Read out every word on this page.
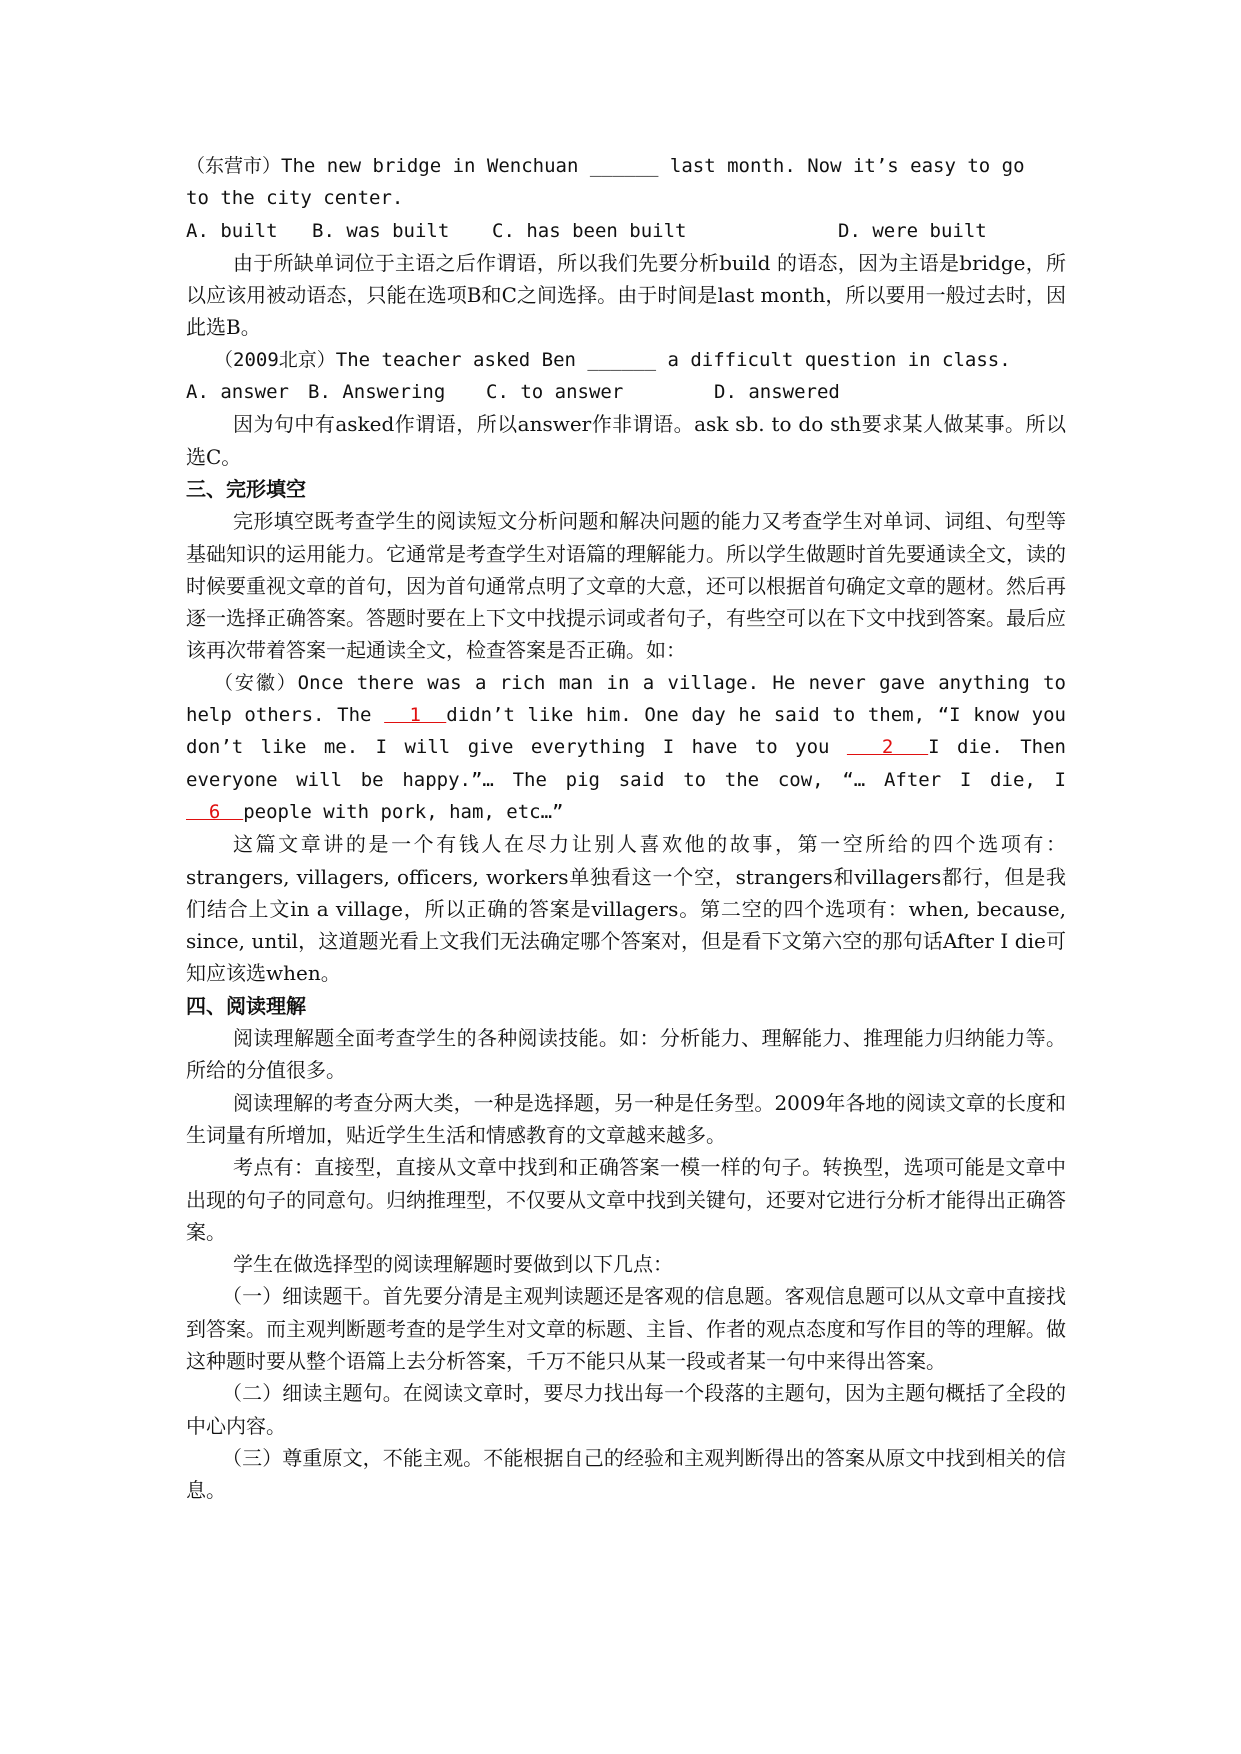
（东营市）The new bridge in Wenchuan ______ last month. Now it’s easy to go
to the city center.

A. built	B. was built	C. has been built	D. were built

由于所缺单词位于主语之后作谓语，所以我们先要分析build 的语态，因为主语是bridge，所以应该用被动语态，只能在选项B和C之间选择。由于时间是last month，所以要用一般过去时，因此选B。

（2009北京）The teacher asked Ben ______ a difficult question in class.

A. answer	B. Answering	C. to answer	D. answered

因为句中有asked作谓语，所以answer作非谓语。ask sb. to do sth要求某人做某事。所以选C。

三、完形填空

完形填空既考查学生的阅读短文分析问题和解决问题的能力又考查学生对单词、词组、句型等基础知识的运用能力。它通常是考查学生对语篇的理解能力。所以学生做题时首先要通读全文，读的时候要重视文章的首句，因为首句通常点明了文章的大意，还可以根据首句确定文章的题材。然后再逐一选择正确答案。答题时要在上下文中找提示词或者句子，有些空可以在下文中找到答案。最后应该再次带着答案一起通读全文，检查答案是否正确。如：

（安徽）Once there was a rich man in a village. He never gave anything to help others. The   1  didn’t like him. One day he said to them, “I know you don’t like me. I will give everything I have to you   2  I die. Then everyone will be happy.”… The pig said to the cow, “… After I die, I   6  people with pork, ham, etc…”

这篇文章讲的是一个有钱人在尽力让别人喜欢他的故事，第一空所给的四个选项有：strangers, villagers, officers, workers单独看这一个空，strangers和villagers都行，但是我们结合上文in a village，所以正确的答案是villagers。第二空的四个选项有：when, because, since, until，这道题光看上文我们无法确定哪个答案对，但是看下文第六空的那句话After I die可知应该选when。

四、阅读理解

阅读理解题全面考查学生的各种阅读技能。如：分析能力、理解能力、推理能力归纳能力等。所给的分值很多。

阅读理解的考查分两大类，一种是选择题，另一种是任务型。2009年各地的阅读文章的长度和生词量有所增加，贴近学生生活和情感教育的文章越来越多。

考点有：直接型，直接从文章中找到和正确答案一模一样的句子。转换型，选项可能是文章中出现的句子的同意句。归纳推理型，不仅要从文章中找到关键句，还要对它进行分析才能得出正确答案。

学生在做选择型的阅读理解题时要做到以下几点：

（一）细读题干。首先要分清是主观判读题还是客观的信息题。客观信息题可以从文章中直接找到答案。而主观判断题考查的是学生对文章的标题、主旨、作者的观点态度和写作目的等的理解。做这种题时要从整个语篇上去分析答案，千万不能只从某一段或者某一句中来得出答案。

（二）细读主题句。在阅读文章时，要尽力找出每一个段落的主题句，因为主题句概括了全段的中心内容。

（三）尊重原文，不能主观。不能根据自己的经验和主观判断得出的答案从原文中找到相关的信息。
